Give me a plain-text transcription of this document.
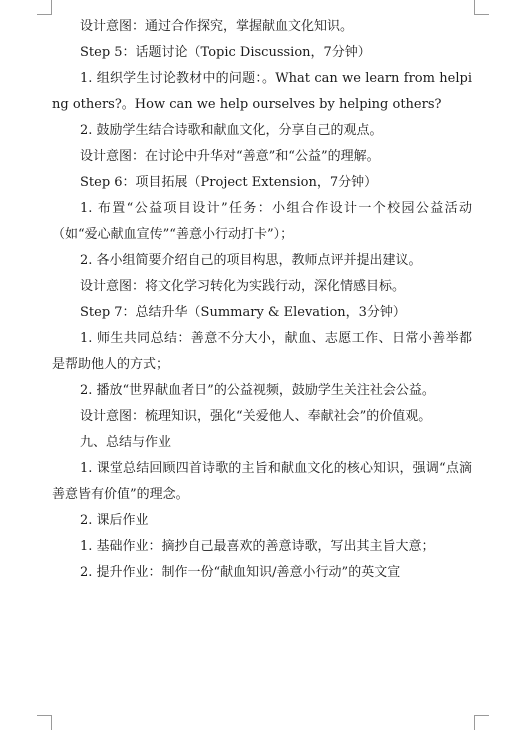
设计意图：通过合作探究，掌握献血文化知识。

Step 5：话题讨论（Topic Discussion，7分钟）

1. 组织学生讨论教材中的问题：。What can we learn from helping others?。How can we help ourselves by helping others?

2. 鼓励学生结合诗歌和献血文化，分享自己的观点。

设计意图：在讨论中升华对“善意”和“公益”的理解。

Step 6：项目拓展（Project Extension，7分钟）

1. 布置“公益项目设计”任务：小组合作设计一个校园公益活动（如“爱心献血宣传”“善意小行动打卡”）；

2. 各小组简要介绍自己的项目构思，教师点评并提出建议。

设计意图：将文化学习转化为实践行动，深化情感目标。

Step 7：总结升华（Summary & Elevation，3分钟）

1. 师生共同总结：善意不分大小，献血、志愿工作、日常小善举都是帮助他人的方式；

2. 播放“世界献血者日”的公益视频，鼓励学生关注社会公益。

设计意图：梳理知识，强化“关爱他人、奉献社会”的价值观。

九、总结与作业

1. 课堂总结回顾四首诗歌的主旨和献血文化的核心知识，强调“点滴善意皆有价值”的理念。

2. 课后作业

1. 基础作业：摘抄自己最喜欢的善意诗歌，写出其主旨大意；

2. 提升作业：制作一份“献血知识/善意小行动”的英文宣
